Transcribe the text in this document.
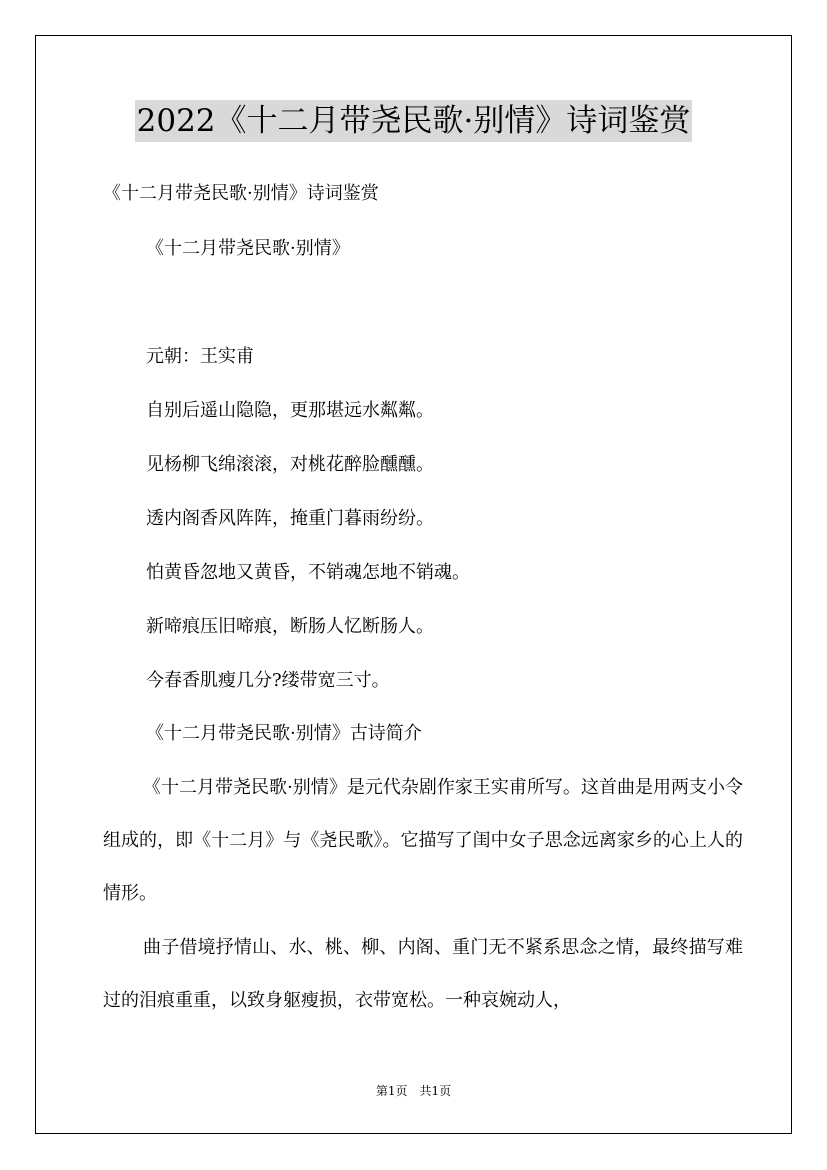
2022《十二月带尧民歌·别情》诗词鉴赏
《十二月带尧民歌·别情》诗词鉴赏
《十二月带尧民歌·别情》
元朝：王实甫
自别后遥山隐隐，更那堪远水粼粼。
见杨柳飞绵滚滚，对桃花醉脸醺醺。
透内阁香风阵阵，掩重门暮雨纷纷。
怕黄昏忽地又黄昏，不销魂怎地不销魂。
新啼痕压旧啼痕，断肠人忆断肠人。
今春香肌瘦几分?缕带宽三寸。
《十二月带尧民歌·别情》古诗简介
《十二月带尧民歌·别情》是元代杂剧作家王实甫所写。这首曲是用两支小令组成的，即《十二月》与《尧民歌》。它描写了闺中女子思念远离家乡的心上人的情形。
曲子借境抒情山、水、桃、柳、内阁、重门无不紧系思念之情，最终描写难过的泪痕重重，以致身躯瘦损，衣带宽松。一种哀婉动人，
第1页　共1页
